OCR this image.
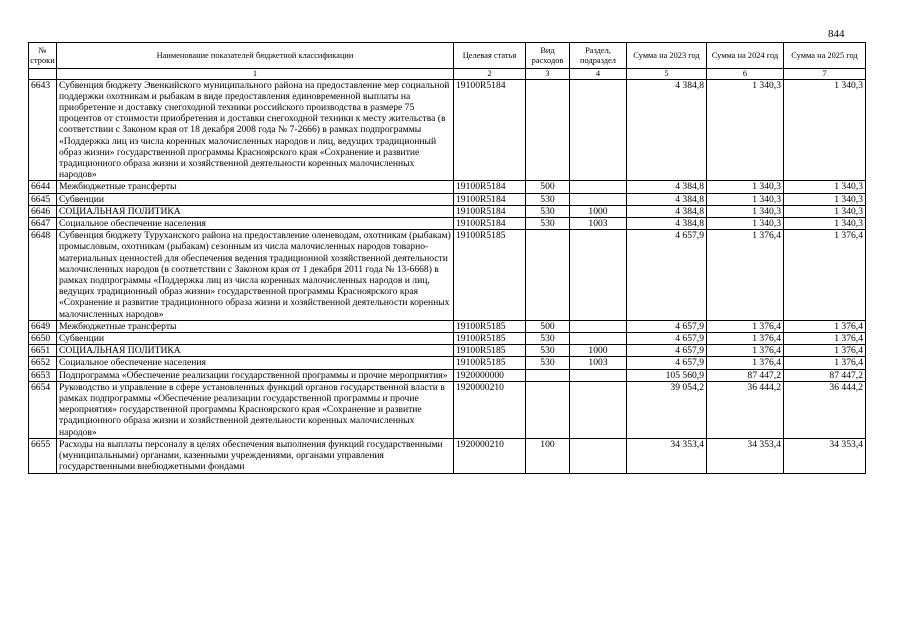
844
№ строки	Наименование показателей бюджетной классификации	Целевая статья	Вид расходов	Раздел, подраздел	Сумма на 2023 год	Сумма на 2024 год	Сумма на 2025 год
	1	2	3	4	5	6	7
6643	Субвенция бюджету Эвенкийского муниципального района на предоставление мер социальной поддержки охотникам и рыбакам в виде предоставления единовременной выплаты на приобретение и доставку снегоходной техники российского производства в размере 75 процентов от стоимости приобретения и доставки снегоходной техники к месту жительства (в соответствии с Законом края от 18 декабря 2008 года № 7-2666) в рамках подпрограммы «Поддержка лиц из числа коренных малочисленных народов и лиц, ведущих традиционный образ жизни» государственной программы Красноярского края «Сохранение и развитие традиционного образа жизни и хозяйственной деятельности коренных малочисленных народов»	19100R5184			4 384,8	1 340,3	1 340,3
6644	Межбюджетные трансферты	19100R5184	500		4 384,8	1 340,3	1 340,3
6645	Субвенции	19100R5184	530		4 384,8	1 340,3	1 340,3
6646	СОЦИАЛЬНАЯ ПОЛИТИКА	19100R5184	530	1000	4 384,8	1 340,3	1 340,3
6647	Социальное обеспечение населения	19100R5184	530	1003	4 384,8	1 340,3	1 340,3
6648	Субвенция бюджету Туруханского района на предоставление оленеводам, охотникам (рыбакам) промысловым, охотникам (рыбакам) сезонным из числа малочисленных народов товарно-материальных ценностей для обеспечения ведения традиционной хозяйственной деятельности малочисленных народов (в соответствии с Законом края от 1 декабря 2011 года № 13-6668) в рамках подпрограммы «Поддержка лиц из числа коренных малочисленных народов и лиц, ведущих традиционный образ жизни» государственной программы Красноярского края «Сохранение и развитие традиционного образа жизни и хозяйственной деятельности коренных малочисленных народов»	19100R5185			4 657,9	1 376,4	1 376,4
6649	Межбюджетные трансферты	19100R5185	500		4 657,9	1 376,4	1 376,4
6650	Субвенции	19100R5185	530		4 657,9	1 376,4	1 376,4
6651	СОЦИАЛЬНАЯ ПОЛИТИКА	19100R5185	530	1000	4 657,9	1 376,4	1 376,4
6652	Социальное обеспечение населения	19100R5185	530	1003	4 657,9	1 376,4	1 376,4
6653	Подпрограмма «Обеспечение реализации государственной программы и прочие мероприятия»	1920000000			105 560,9	87 447,2	87 447,2
6654	Руководство и управление в сфере установленных функций органов государственной власти в рамках подпрограммы «Обеспечение реализации государственной программы и прочие мероприятия» государственной программы Красноярского края «Сохранение и развитие традиционного образа жизни и хозяйственной деятельности коренных малочисленных народов»	1920000210			39 054,2	36 444,2	36 444,2
6655	Расходы на выплаты персоналу в целях обеспечения выполнения функций государственными (муниципальными) органами, казенными учреждениями, органами управления государственными внебюджетными фондами	1920000210	100		34 353,4	34 353,4	34 353,4
